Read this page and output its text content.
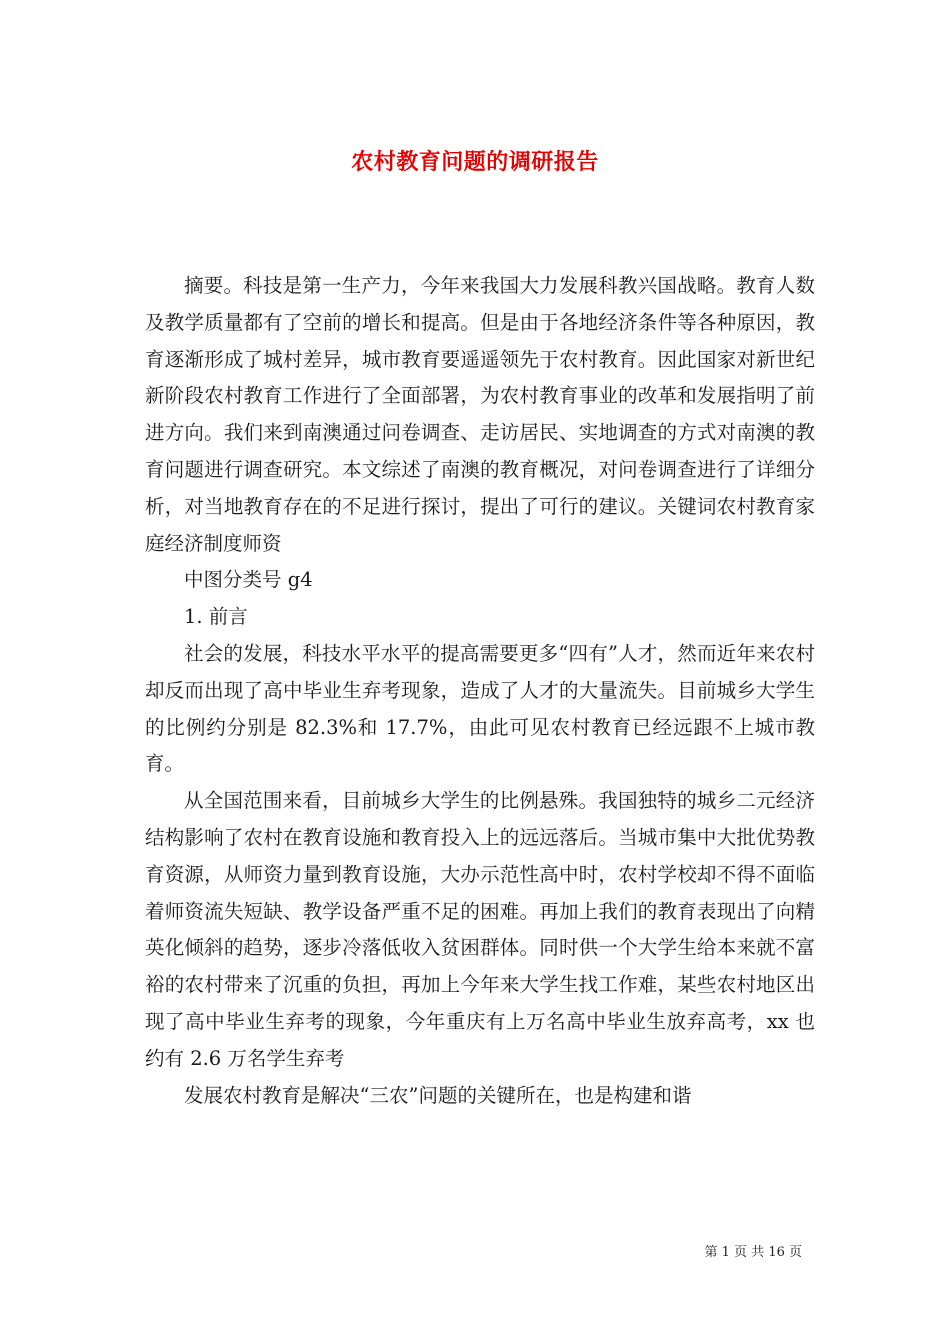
农村教育问题的调研报告

摘要。科技是第一生产力，今年来我国大力发展科教兴国战略。教育人数及教学质量都有了空前的增长和提高。但是由于各地经济条件等各种原因，教育逐渐形成了城村差异，城市教育要遥遥领先于农村教育。因此国家对新世纪新阶段农村教育工作进行了全面部署，为农村教育事业的改革和发展指明了前进方向。我们来到南澳通过问卷调查、走访居民、实地调查的方式对南澳的教育问题进行调查研究。本文综述了南澳的教育概况，对问卷调查进行了详细分析，对当地教育存在的不足进行探讨，提出了可行的建议。关键词农村教育家庭经济制度师资

中图分类号 g4

1. 前言

社会的发展，科技水平水平的提高需要更多“四有”人才，然而近年来农村却反而出现了高中毕业生弃考现象，造成了人才的大量流失。目前城乡大学生的比例约分别是 82.3%和 17.7%，由此可见农村教育已经远跟不上城市教育。

从全国范围来看，目前城乡大学生的比例悬殊。我国独特的城乡二元经济结构影响了农村在教育设施和教育投入上的远远落后。当城市集中大批优势教育资源，从师资力量到教育设施，大办示范性高中时，农村学校却不得不面临着师资流失短缺、教学设备严重不足的困难。再加上我们的教育表现出了向精英化倾斜的趋势，逐步冷落低收入贫困群体。同时供一个大学生给本来就不富裕的农村带来了沉重的负担，再加上今年来大学生找工作难，某些农村地区出现了高中毕业生弃考的现象，今年重庆有上万名高中毕业生放弃高考，xx 也约有 2.6 万名学生弃考

发展农村教育是解决“三农”问题的关键所在，也是构建和谐

第 1 页 共 16 页
